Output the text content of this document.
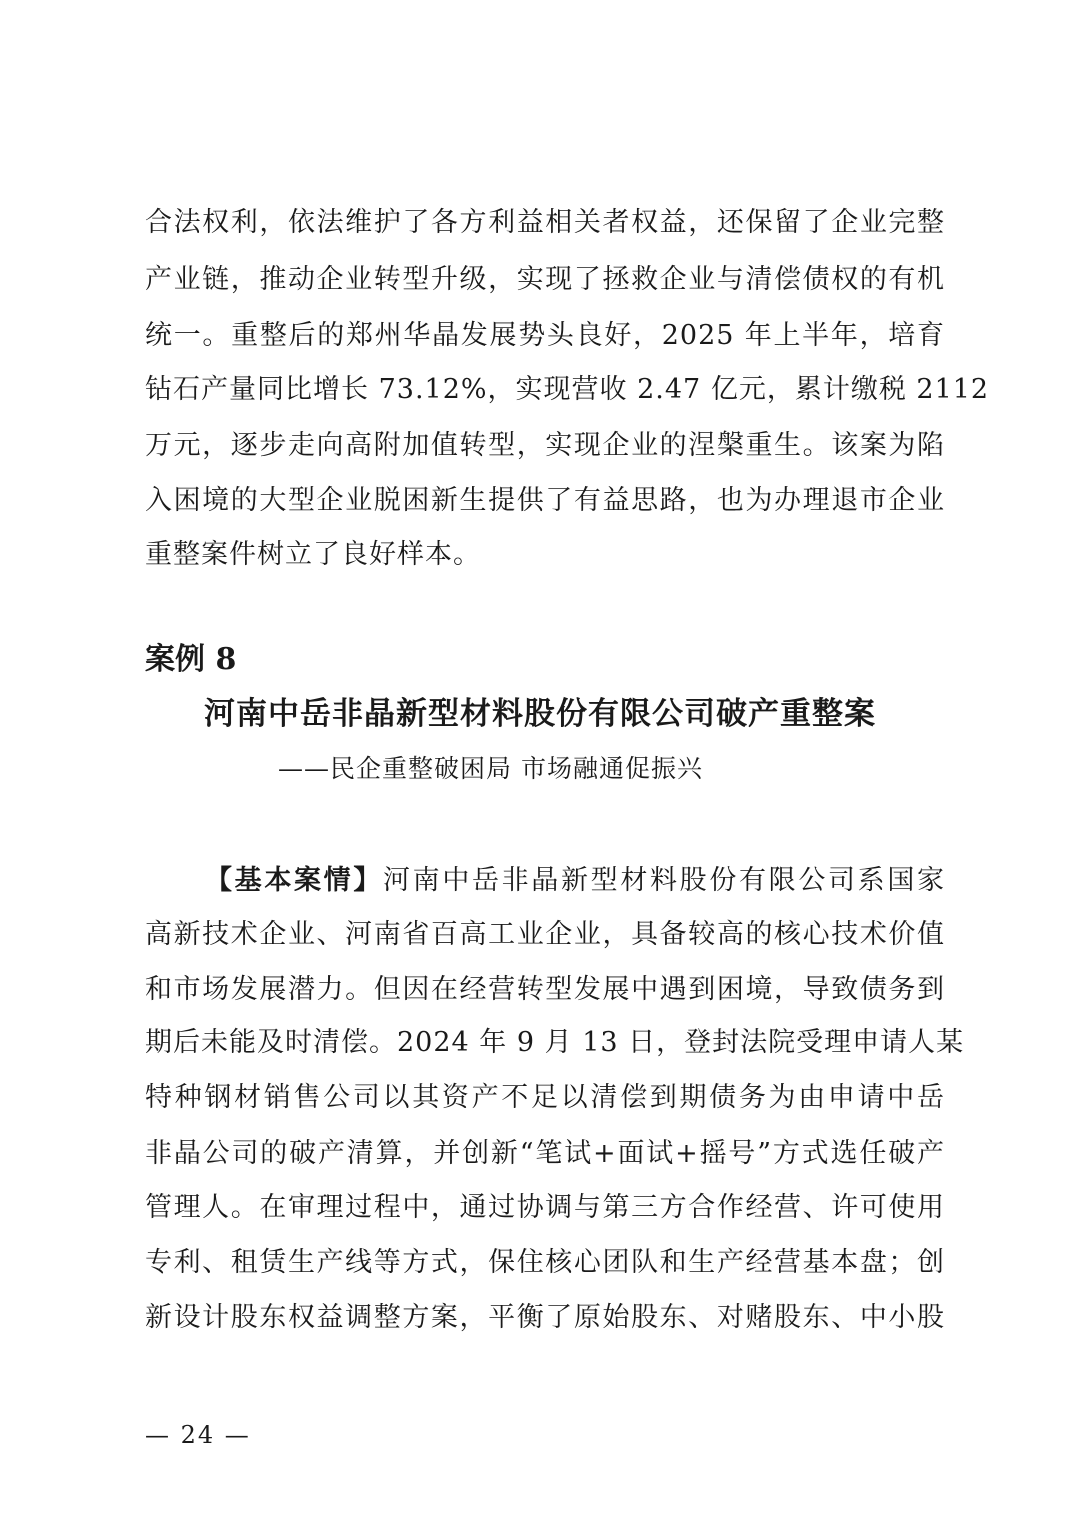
合法权利，依法维护了各方利益相关者权益，还保留了企业完整
产业链，推动企业转型升级，实现了拯救企业与清偿债权的有机
统一。重整后的郑州华晶发展势头良好，2025 年上半年，培育
钻石产量同比增长 73.12%，实现营收 2.47 亿元，累计缴税 2112
万元，逐步走向高附加值转型，实现企业的涅槃重生。该案为陷
入困境的大型企业脱困新生提供了有益思路，也为办理退市企业
重整案件树立了良好样本。
案例 8
河南中岳非晶新型材料股份有限公司破产重整案
——民企重整破困局 市场融通促振兴
【基本案情】河南中岳非晶新型材料股份有限公司系国家
高新技术企业、河南省百高工业企业，具备较高的核心技术价值
和市场发展潜力。但因在经营转型发展中遇到困境，导致债务到
期后未能及时清偿。2024 年 9 月 13 日，登封法院受理申请人某
特种钢材销售公司以其资产不足以清偿到期债务为由申请中岳
非晶公司的破产清算，并创新“笔试+面试+摇号”方式选任破产
管理人。在审理过程中，通过协调与第三方合作经营、许可使用
专利、租赁生产线等方式，保住核心团队和生产经营基本盘；创
新设计股东权益调整方案，平衡了原始股东、对赌股东、中小股
— 24 —
